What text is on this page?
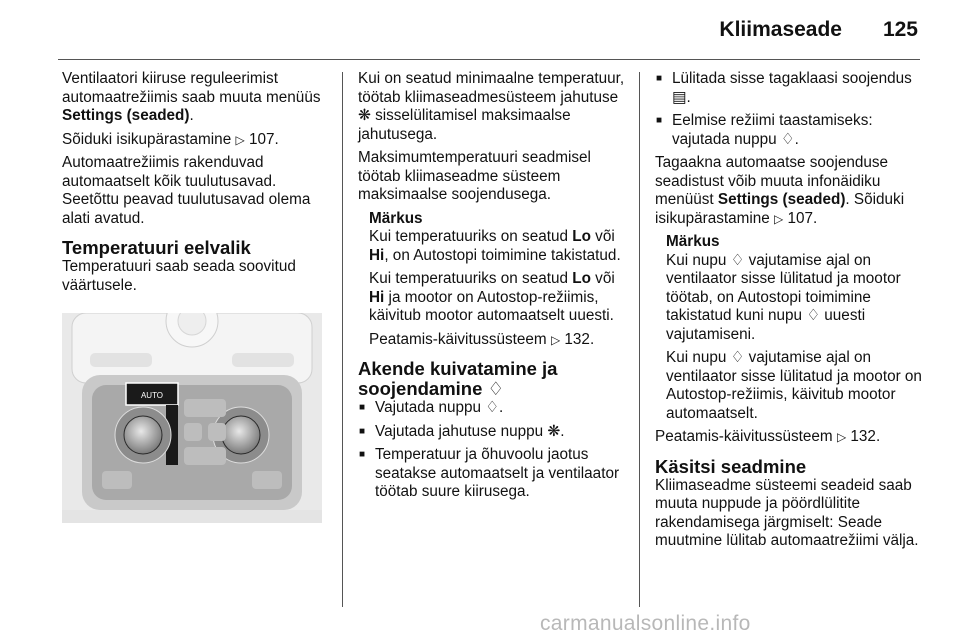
Kliimaseade 125

Ventilaatori kiiruse reguleerimist automaatrežiimis saab muuta menüüs Settings (seaded).

Sõiduki isikupärastamine ▷ 107.

Automaatrežiimis rakenduvad automaatselt kõik tuulutusavad. Seetõttu peavad tuulutusavad olema alati avatud.

Temperatuuri eelvalik

Temperatuuri saab seada soovitud väärtusele.

AUTO

Kui on seatud minimaalne temperatuur, töötab kliimaseadmesüsteem jahutuse ❋ sisselülitamisel maksimaalse jahutusega.

Maksimumtemperatuuri seadmisel töötab kliimaseadme süsteem maksimaalse soojendusega.

Märkus

Kui temperatuuriks on seatud Lo või Hi, on Autostopi toimimine takistatud.

Kui temperatuuriks on seatud Lo või Hi ja mootor on Autostop-režiimis, käivitub mootor automaatselt uuesti.

Peatamis-käivitussüsteem ▷ 132.

Akende kuivatamine ja soojendamine ♢
■ Vajutada nuppu ♢.
■ Vajutada jahutuse nuppu ❋.
■ Temperatuur ja õhuvoolu jaotus seatakse automaatselt ja ventilaator töötab suure kiirusega.
■ Lülitada sisse tagaklaasi soojendus ▤.
■ Eelmise režiimi taastamiseks: vajutada nuppu ♢.

Tagaakna automaatse soojenduse seadistust võib muuta infonäidiku menüüst Settings (seaded). Sõiduki isikupärastamine ▷ 107.

Märkus

Kui nupu ♢ vajutamise ajal on ventilaator sisse lülitatud ja mootor töötab, on Autostopi toimimine takistatud kuni nupu ♢ uuesti vajutamiseni.

Kui nupu ♢ vajutamise ajal on ventilaator sisse lülitatud ja mootor on Autostop-režiimis, käivitub mootor automaatselt.

Peatamis-käivitussüsteem ▷ 132.

Käsitsi seadmine

Kliimaseadme süsteemi seadeid saab muuta nuppude ja pöördlülitite rakendamisega järgmiselt: Seade muutmine lülitab automaatrežiimi välja.

carmanualsonline.info
